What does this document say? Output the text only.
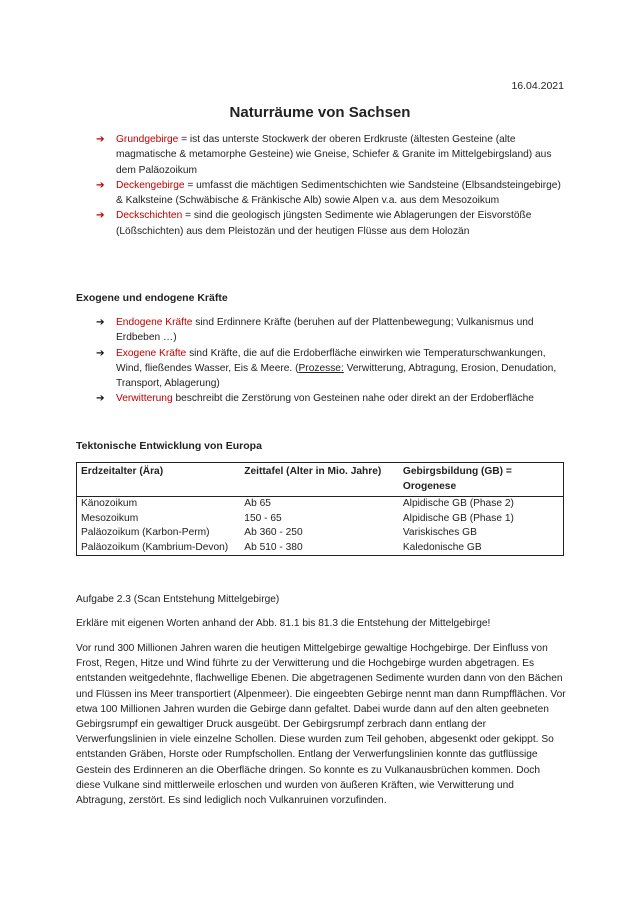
16.04.2021
Naturräume von Sachsen
➔ Grundgebirge = ist das unterste Stockwerk der oberen Erdkruste (ältesten Gesteine (alte magmatische & metamorphe Gesteine) wie Gneise, Schiefer & Granite im Mittelgebirgsland) aus dem Paläozoikum
➔ Deckengebirge = umfasst die mächtigen Sedimentschichten wie Sandsteine (Elbsandsteingebirge) & Kalksteine (Schwäbische & Fränkische Alb) sowie Alpen v.a. aus dem Mesozoikum
➔ Deckschichten = sind die geologisch jüngsten Sedimente wie Ablagerungen der Eisvorstöße (Lößschichten) aus dem Pleistozän und der heutigen Flüsse aus dem Holozän
Exogene und endogene Kräfte
➔ Endogene Kräfte sind Erdinnere Kräfte (beruhen auf der Plattenbewegung; Vulkanismus und Erdbeben …)
➔ Exogene Kräfte sind Kräfte, die auf die Erdoberfläche einwirken wie Temperaturschwankungen, Wind, fließendes Wasser, Eis & Meere. (Prozesse: Verwitterung, Abtragung, Erosion, Denudation, Transport, Ablagerung)
➔ Verwitterung beschreibt die Zerstörung von Gesteinen nahe oder direkt an der Erdoberfläche
Tektonische Entwicklung von Europa
Erdzeitalter (Ära)	Zeittafel (Alter in Mio. Jahre)	Gebirgsbildung (GB) = Orogenese
Känozoikum	Ab 65	Alpidische GB (Phase 2)
Mesozoikum	150 - 65	Alpidische GB (Phase 1)
Paläozoikum (Karbon-Perm)	Ab 360 - 250	Variskisches GB
Paläozoikum (Kambrium-Devon)	Ab 510 - 380	Kaledonische GB
Aufgabe 2.3 (Scan Entstehung Mittelgebirge)
Erkläre mit eigenen Worten anhand der Abb. 81.1 bis 81.3 die Entstehung der Mittelgebirge!
Vor rund 300 Millionen Jahren waren die heutigen Mittelgebirge gewaltige Hochgebirge. Der Einfluss von Frost, Regen, Hitze und Wind führte zu der Verwitterung und die Hochgebirge wurden abgetragen. Es entstanden weitgedehnte, flachwellige Ebenen. Die abgetragenen Sedimente wurden dann von den Bächen und Flüssen ins Meer transportiert (Alpenmeer). Die eingeebten Gebirge nennt man dann Rumpfflächen. Vor etwa 100 Millionen Jahren wurden die Gebirge dann gefaltet. Dabei wurde dann auf den alten geebneten Gebirgsrumpf ein gewaltiger Druck ausgeübt. Der Gebirgsrumpf zerbrach dann entlang der Verwerfungslinien in viele einzelne Schollen. Diese wurden zum Teil gehoben, abgesenkt oder gekippt. So entstanden Gräben, Horste oder Rumpfschollen. Entlang der Verwerfungslinien konnte das gutflüssige Gestein des Erdinneren an die Oberfläche dringen. So konnte es zu Vulkanausbrüchen kommen. Doch diese Vulkane sind mittlerweile erloschen und wurden von äußeren Kräften, wie Verwitterung und Abtragung, zerstört. Es sind lediglich noch Vulkanruinen vorzufinden.
